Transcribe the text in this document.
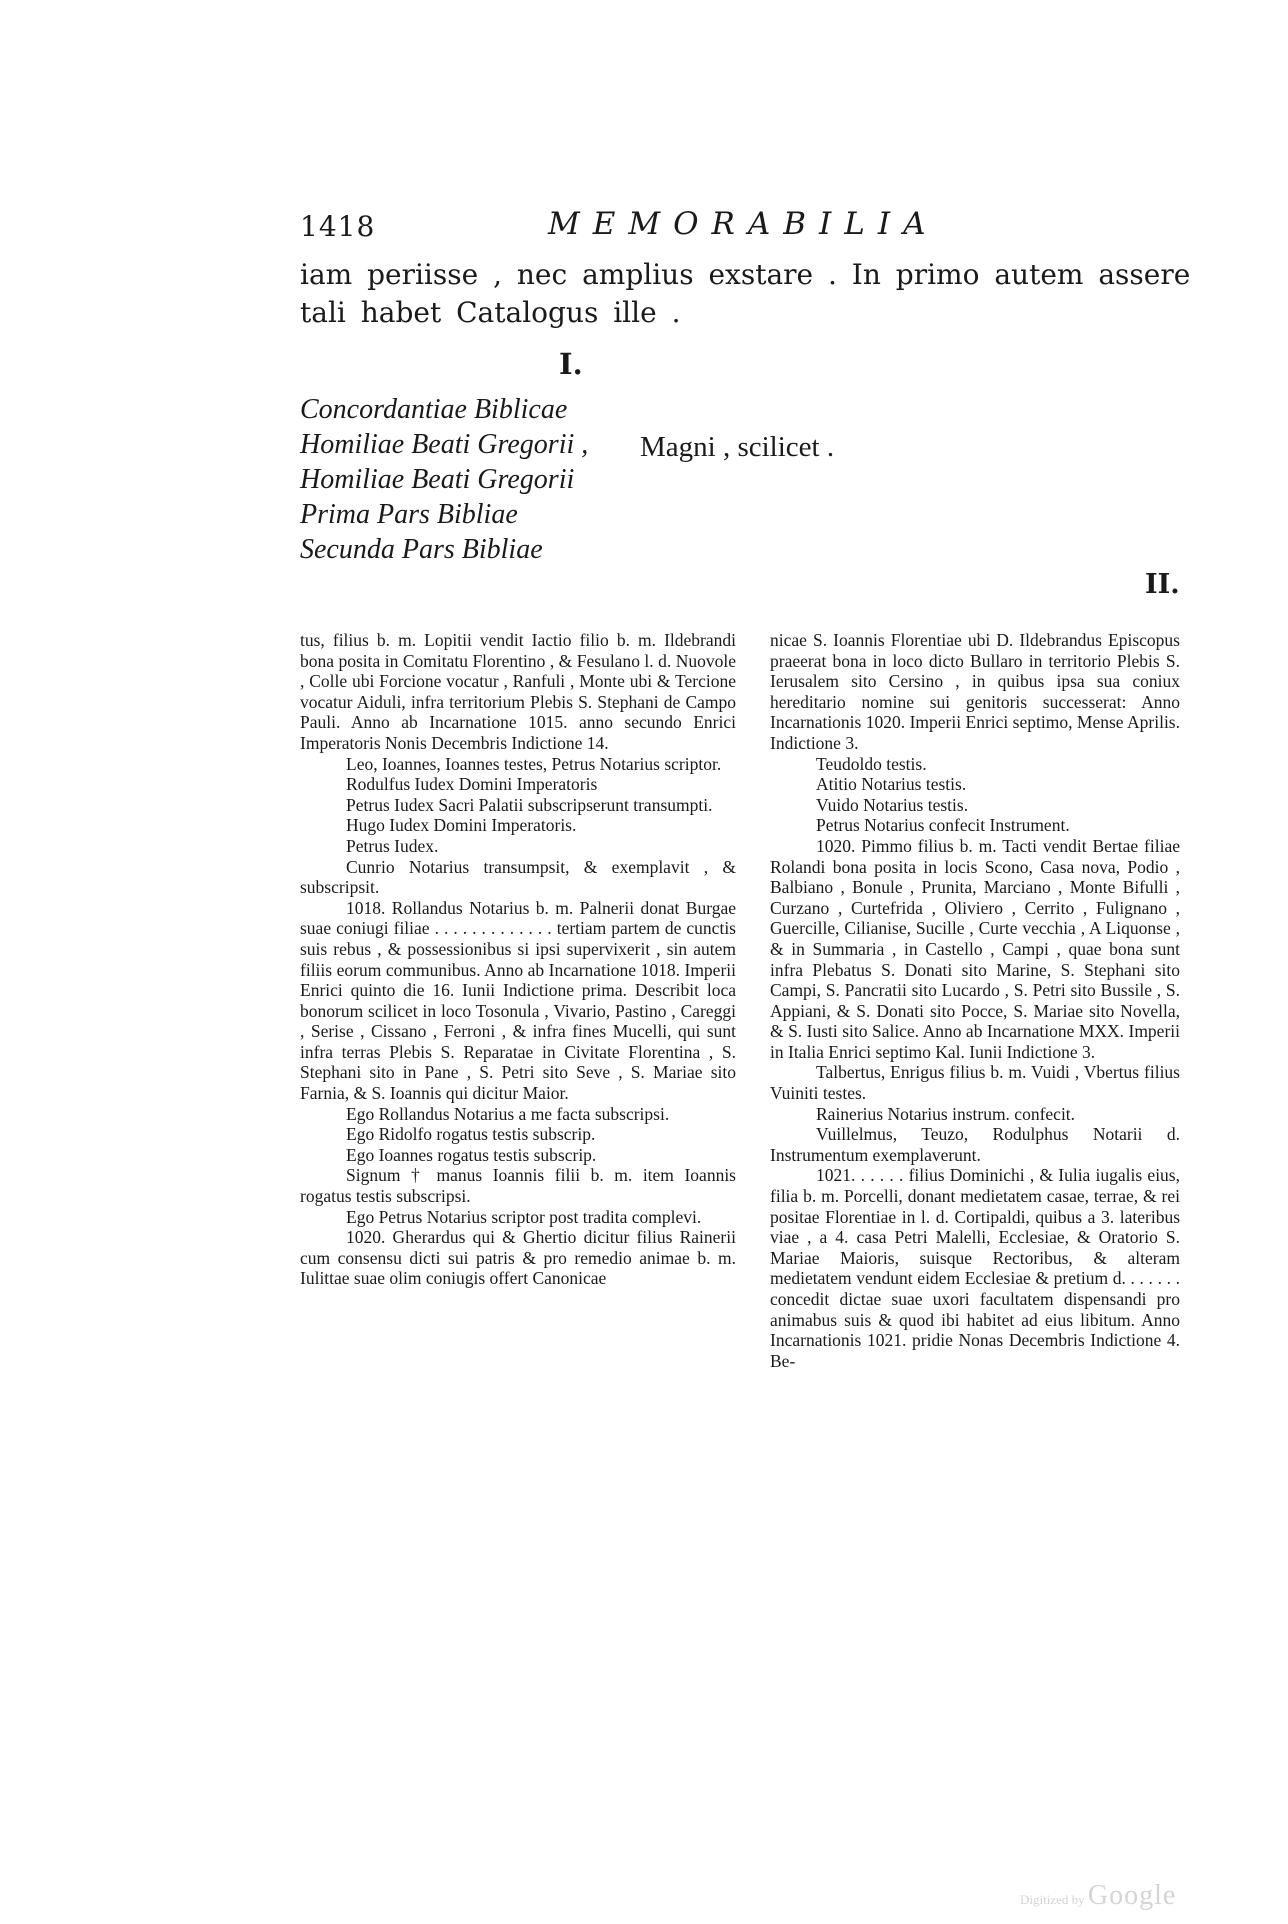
1418	MEMORABILIA
iam periisse , nec amplius exstare . In primo autem assere tali habet Catalogus ille .
I.
Concordantiae Biblicae
Homiliae Beati Gregorii ,
Homiliae Beati Gregorii
Prima Pars Bibliae
Secunda Pars Bibliae
Magni , scilicet .
II.

tus, filius b. m. Lopitii vendit Iactio filio b. m. Ildebrandi bona posita in Comitatu Florentino , & Fesulano l. d. Nuovole , Colle ubi Forcione vocatur , Ranfuli , Monte ubi & Tercione vocatur Aiduli, infra territorium Plebis S. Stephani de Campo Pauli. Anno ab Incarnatione 1015. anno secundo Enrici Imperatoris Nonis Decembris Indictione 14.

Leo, Ioannes, Ioannes testes, Petrus Notarius scriptor.

Rodulfus Iudex Domini Imperatoris

Petrus Iudex Sacri Palatii subscripserunt transumpti.

Hugo Iudex Domini Imperatoris.

Petrus Iudex.

Cunrio Notarius transumpsit, & exemplavit , & subscripsit.

1018. Rollandus Notarius b. m. Palnerii donat Burgae suae coniugi filiae . . . . . . . . . . . . . tertiam partem de cunctis suis rebus , & possessionibus si ipsi supervixerit , sin autem filiis eorum communibus. Anno ab Incarnatione 1018. Imperii Enrici quinto die 16. Iunii Indictione prima. Describit loca bonorum scilicet in loco Tosonula , Vivario, Pastino , Careggi , Serise , Cissano , Ferroni , & infra fines Mucelli, qui sunt infra terras Plebis S. Reparatae in Civitate Florentina , S. Stephani sito in Pane , S. Petri sito Seve , S. Mariae sito Farnia, & S. Ioannis qui dicitur Maior.

Ego Rollandus Notarius a me facta subscripsi.

Ego Ridolfo rogatus testis subscrip.

Ego Ioannes rogatus testis subscrip.

Signum † manus Ioannis filii b. m. item Ioannis rogatus testis subscripsi.

Ego Petrus Notarius scriptor post tradita complevi.

1020. Gherardus qui & Ghertio dicitur filius Rainerii cum consensu dicti sui patris & pro remedio animae b. m. Iulittae suae olim coniugis offert Canonicae

nicae S. Ioannis Florentiae ubi D. Ildebrandus Episcopus praeerat bona in loco dicto Bullaro in territorio Plebis S. Ierusalem sito Cersino , in quibus ipsa sua coniux hereditario nomine sui genitoris successerat: Anno Incarnationis 1020. Imperii Enrici septimo, Mense Aprilis. Indictione 3.

Teudoldo testis.

Atitio Notarius testis.

Vuido Notarius testis.

Petrus Notarius confecit Instrument.

1020. Pimmo filius b. m. Tacti vendit Bertae filiae Rolandi bona posita in locis Scono, Casa nova, Podio , Balbiano , Bonule , Prunita, Marciano , Monte Bifulli , Curzano , Curtefrida , Oliviero , Cerrito , Fulignano , Guercille, Cilianise, Sucille , Curte vecchia , A Liquonse , & in Summaria , in Castello , Campi , quae bona sunt infra Plebatus S. Donati sito Marine, S. Stephani sito Campi, S. Pancratii sito Lucardo , S. Petri sito Bussile , S. Appiani, & S. Donati sito Pocce, S. Mariae sito Novella, & S. Iusti sito Salice. Anno ab Incarnatione MXX. Imperii in Italia Enrici septimo Kal. Iunii Indictione 3.

Talbertus, Enrigus filius b. m. Vuidi , Vbertus filius Vuiniti testes.

Rainerius Notarius instrum. confecit.

Vuillelmus, Teuzo, Rodulphus Notarii d. Instrumentum exemplaverunt.

1021. . . . . . filius Dominichi , & Iulia iugalis eius, filia b. m. Porcelli, donant medietatem casae, terrae, & rei positae Florentiae in l. d. Cortipaldi, quibus a 3. lateribus viae , a 4. casa Petri Malelli, Ecclesiae, & Oratorio S. Mariae Maioris, suisque Rectoribus, & alteram medietatem vendunt eidem Ecclesiae & pretium d. . . . . . . concedit dictae suae uxori facultatem dispensandi pro animabus suis & quod ibi habitet ad eius libitum. Anno Incarnationis 1021. pridie Nonas Decembris Indictione 4. Be-

Digitized by Google
